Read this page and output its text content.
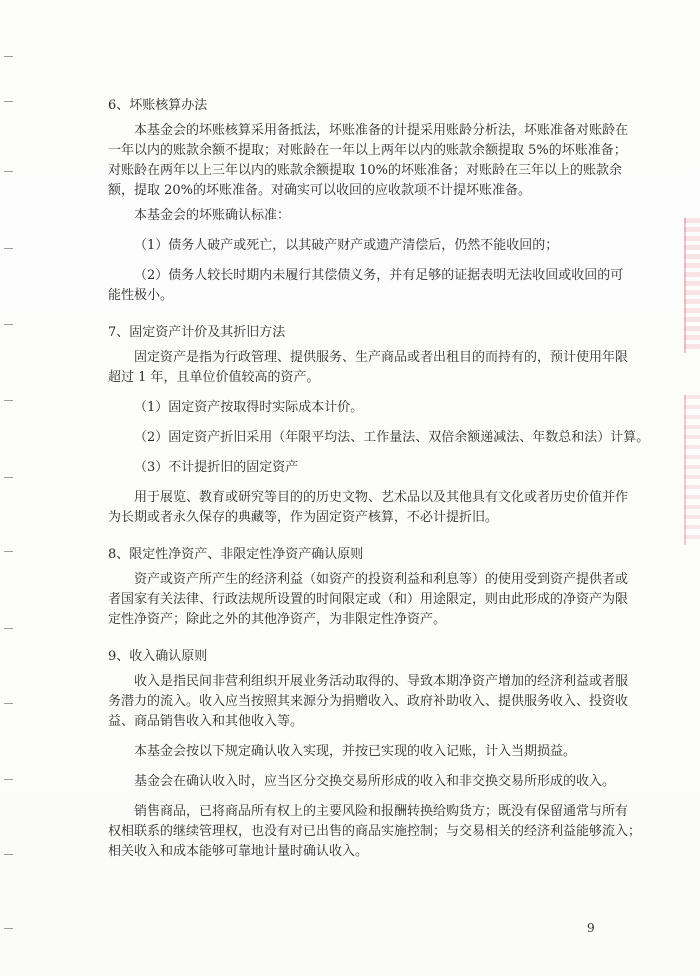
6、坏账核算办法
本基金会的坏账核算采用备抵法，坏账准备的计提采用账龄分析法，坏账准备对账龄在
一年以内的账款余额不提取；对账龄在一年以上两年以内的账款余额提取 5%的坏账准备；
对账龄在两年以上三年以内的账款余额提取 10%的坏账准备；对账龄在三年以上的账款余
额，提取 20%的坏账准备。对确实可以收回的应收款项不计提坏账准备。
本基金会的坏账确认标准：
（1）债务人破产或死亡，以其破产财产或遗产清偿后，仍然不能收回的；
（2）债务人较长时期内未履行其偿债义务，并有足够的证据表明无法收回或收回的可
能性极小。
7、固定资产计价及其折旧方法
固定资产是指为行政管理、提供服务、生产商品或者出租目的而持有的，预计使用年限
超过 1 年，且单位价值较高的资产。
（1）固定资产按取得时实际成本计价。
（2）固定资产折旧采用（年限平均法、工作量法、双倍余额递减法、年数总和法）计算。
（3）不计提折旧的固定资产
用于展览、教育或研究等目的的历史文物、艺术品以及其他具有文化或者历史价值并作
为长期或者永久保存的典藏等，作为固定资产核算，不必计提折旧。
8、限定性净资产、非限定性净资产确认原则
资产或资产所产生的经济利益（如资产的投资利益和利息等）的使用受到资产提供者或
者国家有关法律、行政法规所设置的时间限定或（和）用途限定，则由此形成的净资产为限
定性净资产；除此之外的其他净资产，为非限定性净资产。
9、收入确认原则
收入是指民间非营利组织开展业务活动取得的、导致本期净资产增加的经济利益或者服
务潜力的流入。收入应当按照其来源分为捐赠收入、政府补助收入、提供服务收入、投资收
益、商品销售收入和其他收入等。
本基金会按以下规定确认收入实现，并按已实现的收入记账，计入当期损益。
基金会在确认收入时，应当区分交换交易所形成的收入和非交换交易所形成的收入。
销售商品，已将商品所有权上的主要风险和报酬转换给购货方；既没有保留通常与所有
权相联系的继续管理权，也没有对已出售的商品实施控制；与交易相关的经济利益能够流入；
相关收入和成本能够可靠地计量时确认收入。
9
